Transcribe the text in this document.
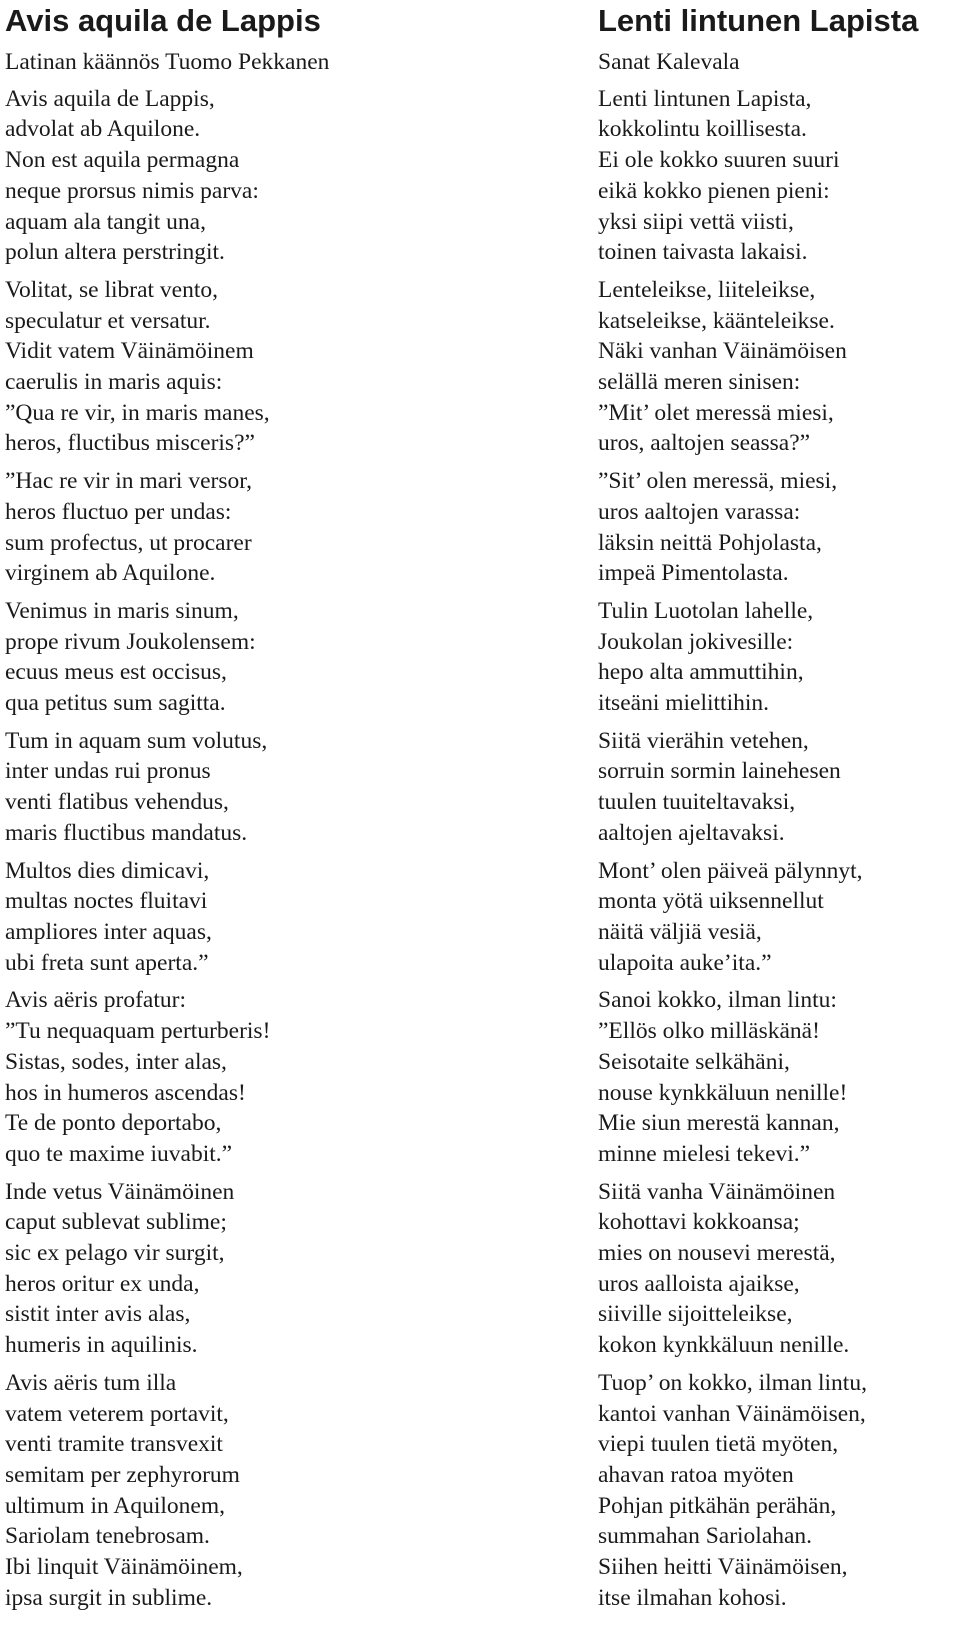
Avis aquila de Lappis
Latinan käännös Tuomo Pekkanen

Avis aquila de Lappis,
advolat ab Aquilone.
Non est aquila permagna
neque prorsus nimis parva:
aquam ala tangit una,
polun altera perstringit.

Volitat, se librat vento,
speculatur et versatur.
Vidit vatem Väinämöinem
caerulis in maris aquis:
”Qua re vir, in maris manes,
heros, fluctibus misceris?”

”Hac re vir in mari versor,
heros fluctuo per undas:
sum profectus, ut procarer
virginem ab Aquilone.

Venimus in maris sinum,
prope rivum Joukolensem:
ecuus meus est occisus,
qua petitus sum sagitta.

Tum in aquam sum volutus,
inter undas rui pronus
venti flatibus vehendus,
maris fluctibus mandatus.

Multos dies dimicavi,
multas noctes fluitavi
ampliores inter aquas,
ubi freta sunt aperta.”

Avis aëris profatur:
”Tu nequaquam perturberis!
Sistas, sodes, inter alas,
hos in humeros ascendas!
Te de ponto deportabo,
quo te maxime iuvabit.”

Inde vetus Väinämöinen
caput sublevat sublime;
sic ex pelago vir surgit,
heros oritur ex unda,
sistit inter avis alas,
humeris in aquilinis.

Avis aëris tum illa
vatem veterem portavit,
venti tramite transvexit
semitam per zephyrorum
ultimum in Aquilonem,
Sariolam tenebrosam.
Ibi linquit Väinämöinem,
ipsa surgit in sublime.

Lenti lintunen Lapista
Sanat Kalevala

Lenti lintunen Lapista,
kokkolintu koillisesta.
Ei ole kokko suuren suuri
eikä kokko pienen pieni:
yksi siipi vettä viisti,
toinen taivasta lakaisi.

Lenteleikse, liiteleikse,
katseleikse, käänteleikse.
Näki vanhan Väinämöisen
selällä meren sinisen:
”Mit’ olet meressä miesi,
uros, aaltojen seassa?”

”Sit’ olen meressä, miesi,
uros aaltojen varassa:
läksin neittä Pohjolasta,
impeä Pimentolasta.

Tulin Luotolan lahelle,
Joukolan jokivesille:
hepo alta ammuttihin,
itseäni mielittihin.

Siitä vierähin vetehen,
sorruin sormin lainehesen
tuulen tuuiteltavaksi,
aaltojen ajeltavaksi.

Mont’ olen päiveä pälynnyt,
monta yötä uiksennellut
näitä väljiä vesiä,
ulapoita auke’ita.”

Sanoi kokko, ilman lintu:
”Ellös olko milläskänä!
Seisotaite selkähäni,
nouse kynkkäluun nenille!
Mie siun merestä kannan,
minne mielesi tekevi.”

Siitä vanha Väinämöinen
kohottavi kokkoansa;
mies on nousevi merestä,
uros aalloista ajaikse,
siiville sijoitteleikse,
kokon kynkkäluun nenille.

Tuop’ on kokko, ilman lintu,
kantoi vanhan Väinämöisen,
viepi tuulen tietä myöten,
ahavan ratoa myöten
Pohjan pitkähän perähän,
summahan Sariolahan.
Siihen heitti Väinämöisen,
itse ilmahan kohosi.
